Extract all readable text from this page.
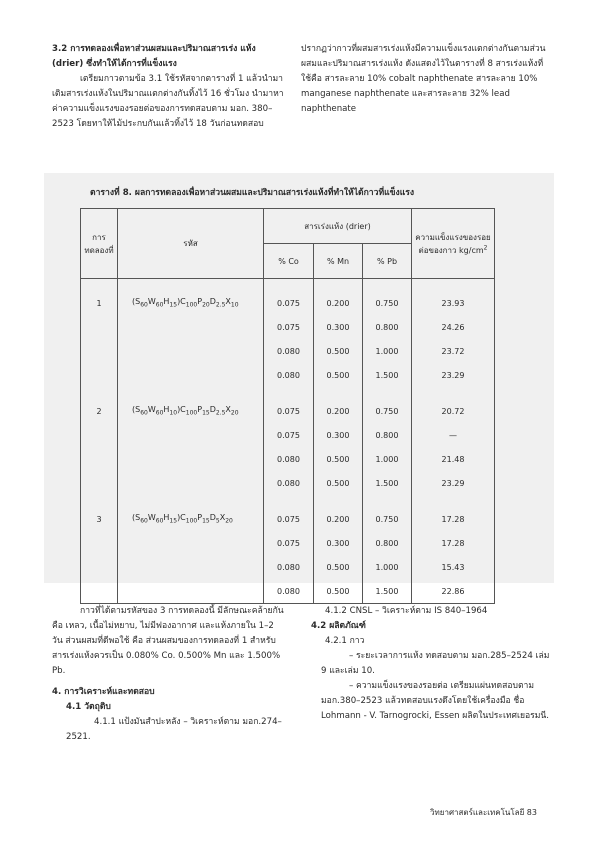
3.2 การทดลองเพื่อหาส่วนผสมและปริมาณสารเร่ง แห้ง (drier) ซึ่งทำให้ได้การที่แข็งแรง

เตรียมกาวตามข้อ 3.1 ใช้รหัสจากตารางที่ 1 แล้วนำมาเติมสารเร่งแห้งในปริมาณแตกต่างกันทิ้งไว้ 16 ชั่วโมง นำมาหาค่าความแข็งแรงของรอยต่อของการทดสอบตาม มอก. 380–2523 โดยทาให้ไม้ประกบกันแล้วทิ้งไว้ 18 วันก่อนทดสอบ

ปรากฏว่ากาวที่ผสมสารเร่งแห้งมีความแข็งแรงแตกต่างกันตามส่วนผสมและปริมาณสารเร่งแห้ง ดังแสดงไว้ในตารางที่ 8 สารเร่งแห้งที่ใช้คือ สารละลาย 10% cobalt naphthenate สารละลาย 10% manganese naphthenate และสารละลาย 32% lead naphthenate

ตารางที่ 8. ผลการทดลองเพื่อหาส่วนผสมและปริมาณสารเร่งแห้งที่ทำให้ได้กาวที่แข็งแรง
การทดลองที่	รหัส	สารเร่งแห้ง (drier)			ความแข็งแรงของรอยต่อของกาว $kg/cm^2$
		% Co	% Mn	% Pb	

1	$(S_{60}W_{60}H_{15})C_{100}P_{20}D_{2.5}X_{10}$	0.075	0.200	0.750	23.93
		0.075	0.300	0.800	24.26
		0.080	0.500	1.000	23.72
		0.080	0.500	1.500	23.29

2	$(S_{60}W_{60}H_{10})C_{100}P_{15}D_{2.5}X_{20}$	0.075	0.200	0.750	20.72
		0.075	0.300	0.800	—
		0.080	0.500	1.000	21.48
		0.080	0.500	1.500	23.29

3	$(S_{60}W_{60}H_{15})C_{100}P_{15}D_5X_{20}$	0.075	0.200	0.750	17.28
		0.075	0.300	0.800	17.28
		0.080	0.500	1.000	15.43
		0.080	0.500	1.500	22.86

กาวที่ได้ตามรหัสของ 3 การทดลองนี้ มีลักษณะคล้ายกันคือ เหลว, เนื้อไม่หยาบ, ไม่มีฟองอากาศ และแห้งภายใน 1–2 วัน ส่วนผสมที่ดีพอใช้ คือ ส่วนผสมของการทดลองที่ 1 สำหรับสารเร่งแห้งควรเป็น 0.080% Co. 0.500% Mn และ 1.500% Pb.

4. การวิเคราะห์และทดสอบ

4.1 วัตถุดิบ

4.1.1 แป้งมันสำปะหลัง – วิเคราะห์ตาม มอก.274–2521.

4.1.2 CNSL – วิเคราะห์ตาม IS 840–1964

4.2 ผลิตภัณฑ์

4.2.1 กาว

– ระยะเวลาการแห้ง ทดสอบตาม มอก.285–2524 เล่ม 9 และเล่ม 10.

– ความแข็งแรงของรอยต่อ เตรียมแผ่นทดสอบตาม มอก.380–2523 แล้วทดสอบแรงดึงโดยใช้เครื่องมือ ชื่อ Lohmann - V. Tarnogrocki, Essen ผลิตในประเทศเยอรมนี.

วิทยาศาสตร์และเทคโนโลยี 83
